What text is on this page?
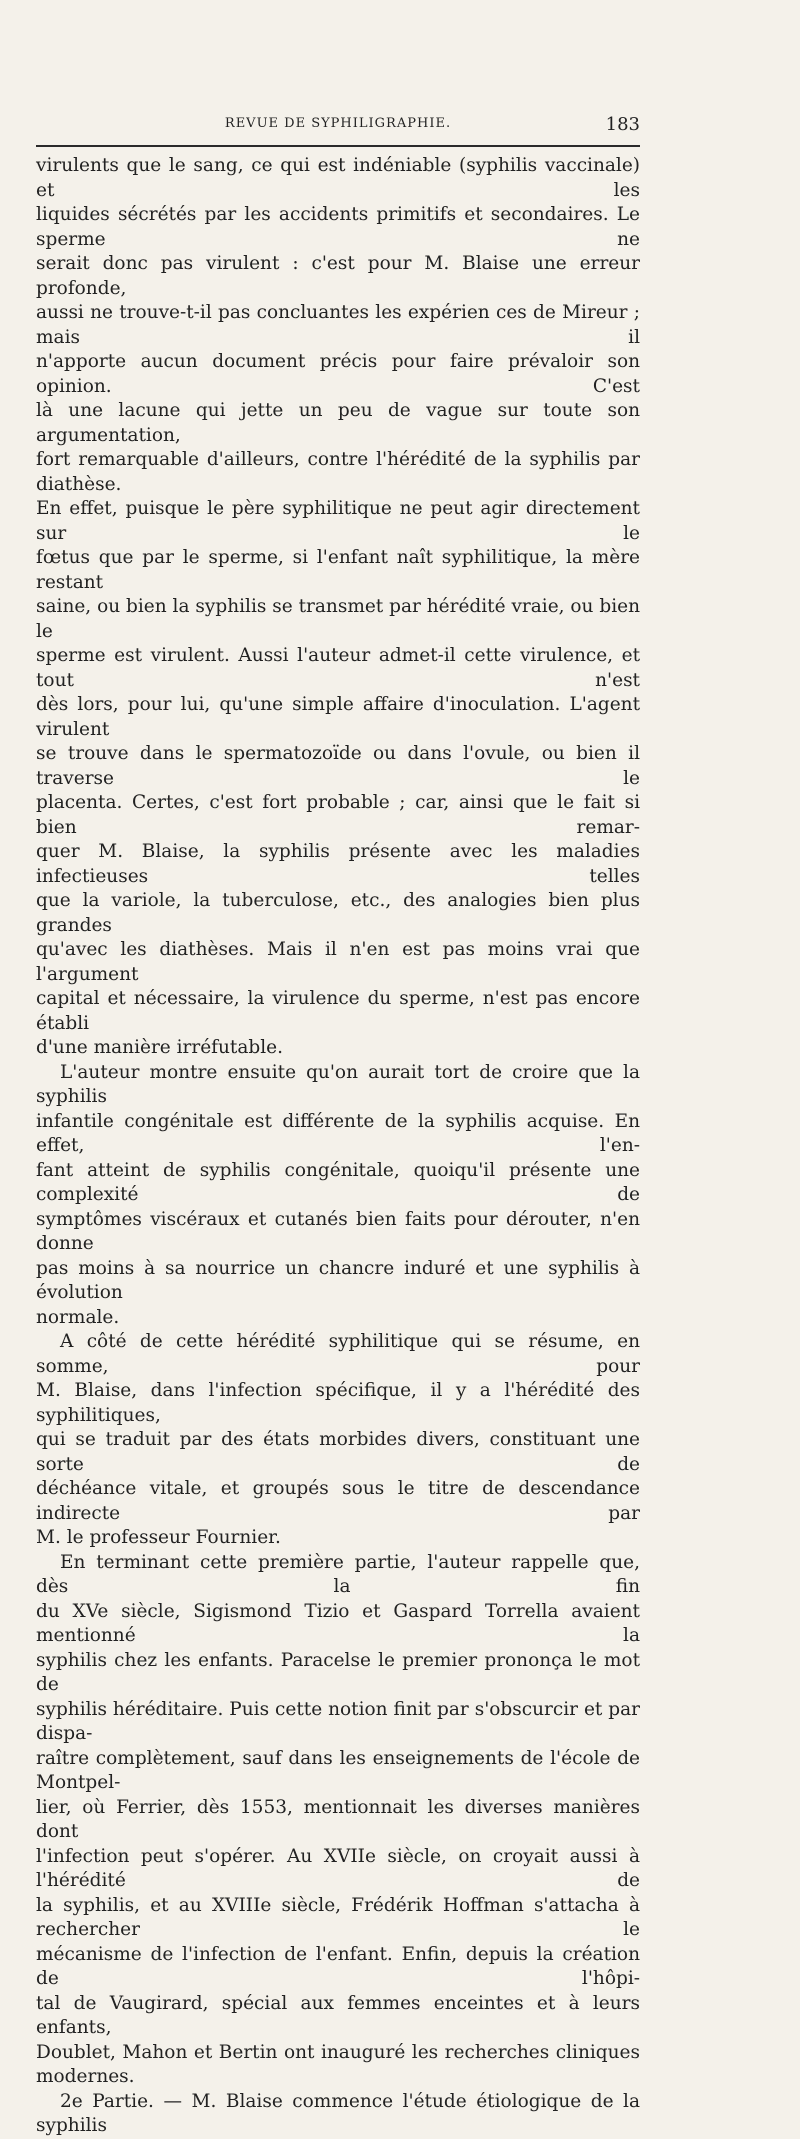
REVUE DE SYPHILIGRAPHIE.	183

virulents que le sang, ce qui est indéniable (syphilis vaccinale) et les

liquides sécrétés par les accidents primitifs et secondaires. Le sperme ne

serait donc pas virulent : c'est pour M. Blaise une erreur profonde,

aussi ne trouve-t-il pas concluantes les expérien ces de Mireur ; mais il

n'apporte aucun document précis pour faire prévaloir son opinion. C'est

là une lacune qui jette un peu de vague sur toute son argumentation,

fort remarquable d'ailleurs, contre l'hérédité de la syphilis par diathèse.

En effet, puisque le père syphilitique ne peut agir directement sur le

fœtus que par le sperme, si l'enfant naît syphilitique, la mère restant

saine, ou bien la syphilis se transmet par hérédité vraie, ou bien le

sperme est virulent. Aussi l'auteur admet-il cette virulence, et tout n'est

dès lors, pour lui, qu'une simple affaire d'inoculation. L'agent virulent

se trouve dans le spermatozoïde ou dans l'ovule, ou bien il traverse le

placenta. Certes, c'est fort probable ; car, ainsi que le fait si bien remar-

quer M. Blaise, la syphilis présente avec les maladies infectieuses telles

que la variole, la tuberculose, etc., des analogies bien plus grandes

qu'avec les diathèses. Mais il n'en est pas moins vrai que l'argument

capital et nécessaire, la virulence du sperme, n'est pas encore établi

d'une manière irréfutable.

L'auteur montre ensuite qu'on aurait tort de croire que la syphilis

infantile congénitale est différente de la syphilis acquise. En effet, l'en-

fant atteint de syphilis congénitale, quoiqu'il présente une complexité de

symptômes viscéraux et cutanés bien faits pour dérouter, n'en donne

pas moins à sa nourrice un chancre induré et une syphilis à évolution

normale.

A côté de cette hérédité syphilitique qui se résume, en somme, pour

M. Blaise, dans l'infection spécifique, il y a l'hérédité des syphilitiques,

qui se traduit par des états morbides divers, constituant une sorte de

déchéance vitale, et groupés sous le titre de descendance indirecte par

M. le professeur Fournier.

En terminant cette première partie, l'auteur rappelle que, dès la fin

du XVe siècle, Sigismond Tizio et Gaspard Torrella avaient mentionné la

syphilis chez les enfants. Paracelse le premier prononça le mot de

syphilis héréditaire. Puis cette notion finit par s'obscurcir et par dispa-

raître complètement, sauf dans les enseignements de l'école de Montpel-

lier, où Ferrier, dès 1553, mentionnait les diverses manières dont

l'infection peut s'opérer. Au XVIIe siècle, on croyait aussi à l'hérédité de

la syphilis, et au XVIIIe siècle, Frédérik Hoffman s'attacha à rechercher le

mécanisme de l'infection de l'enfant. Enfin, depuis la création de l'hôpi-

tal de Vaugirard, spécial aux femmes enceintes et à leurs enfants,

Doublet, Mahon et Bertin ont inauguré les recherches cliniques modernes.

2e Partie. — M. Blaise commence l'étude étiologique de la syphilis
